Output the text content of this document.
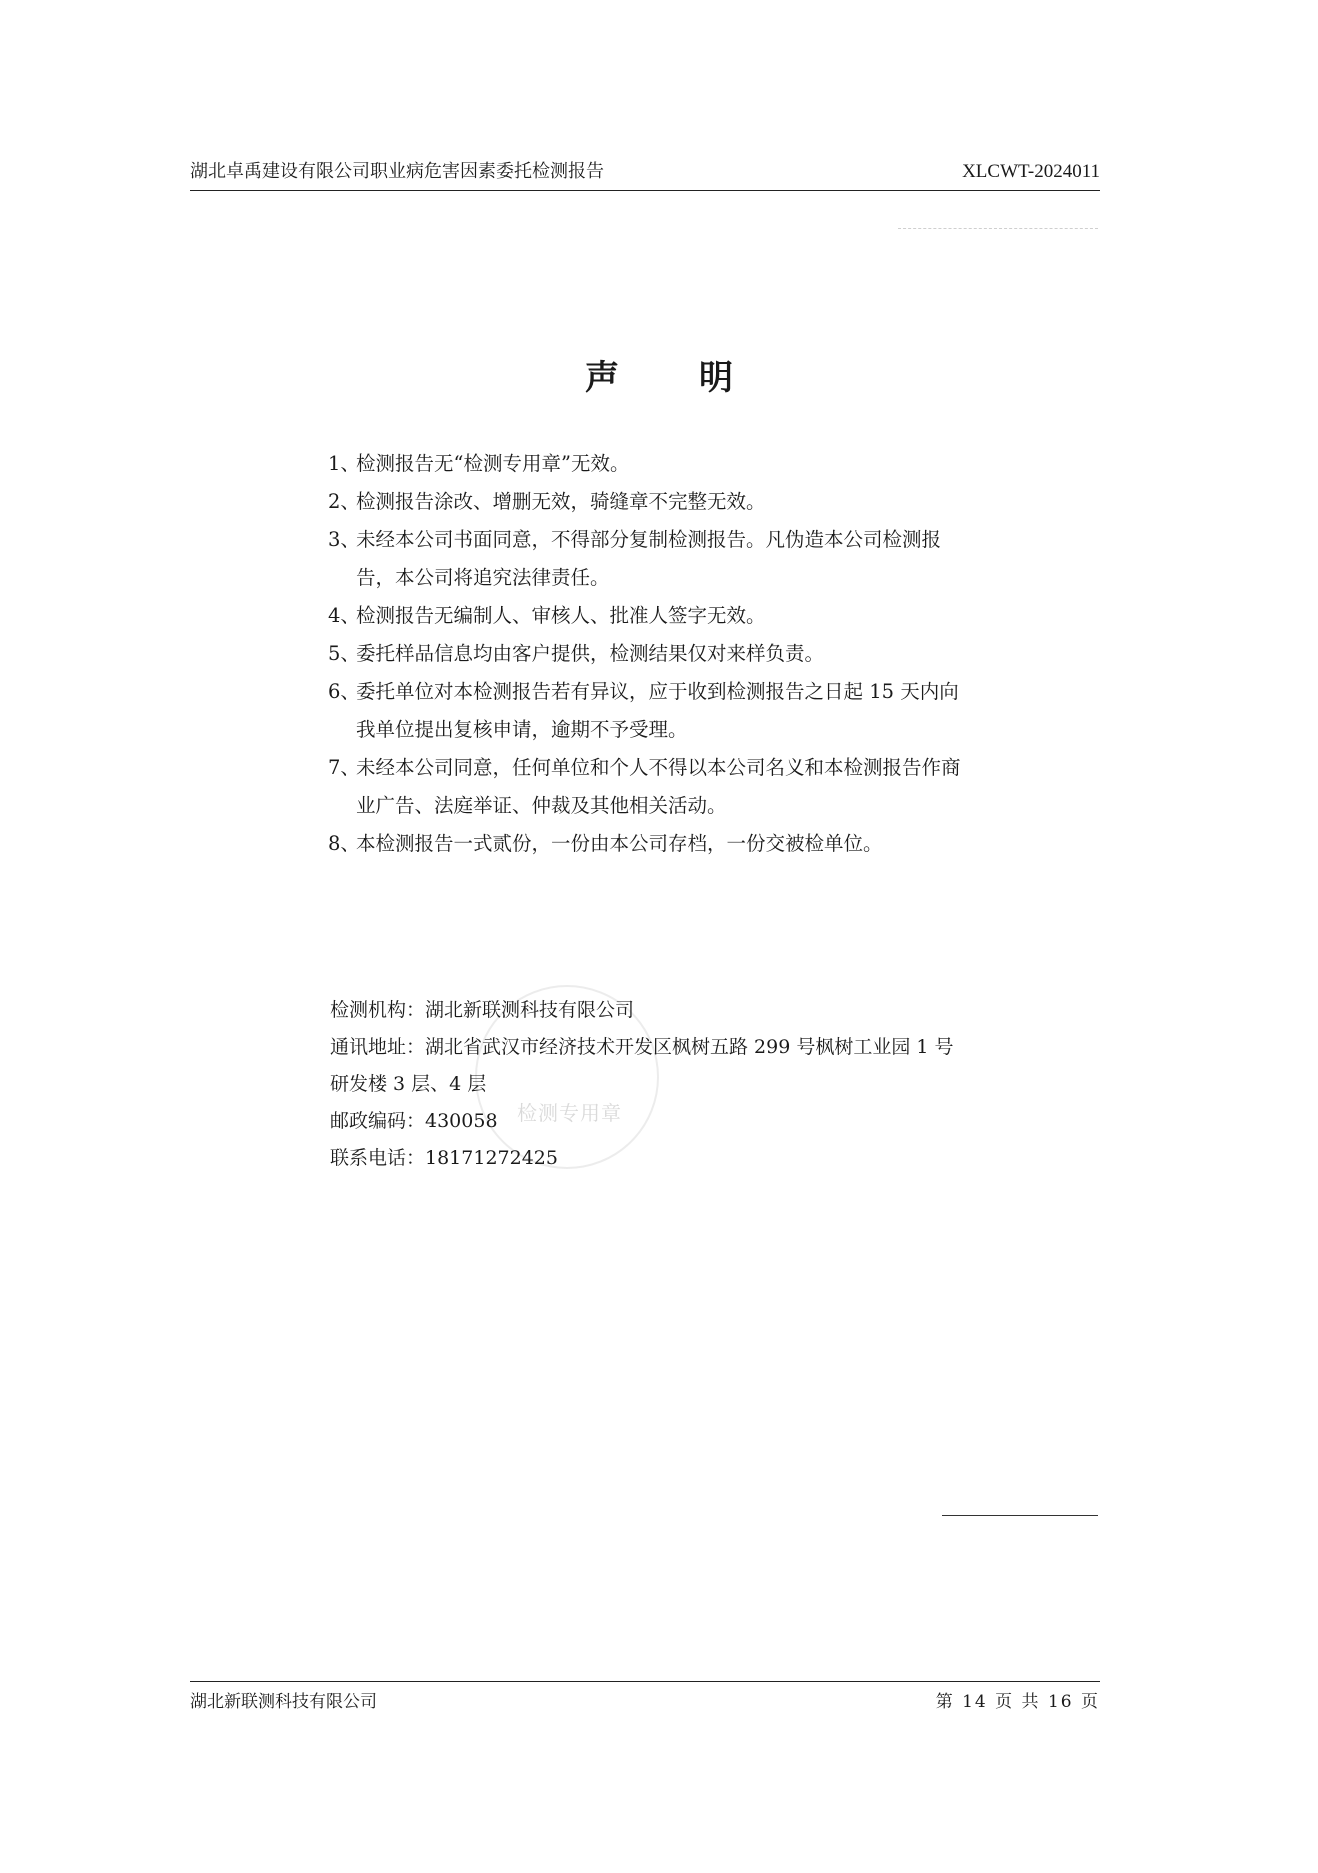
湖北卓禹建设有限公司职业病危害因素委托检测报告	XLCWT-2024011
声明
1、
检测报告无“检测专用章”无效。
2、
检测报告涂改、增删无效，骑缝章不完整无效。
3、
未经本公司书面同意，不得部分复制检测报告。凡伪造本公司检测报告，本公司将追究法律责任。
4、
检测报告无编制人、审核人、批准人签字无效。
5、
委托样品信息均由客户提供，检测结果仅对来样负责。
6、
委托单位对本检测报告若有异议，应于收到检测报告之日起 15 天内向我单位提出复核申请，逾期不予受理。
7、
未经本公司同意，任何单位和个人不得以本公司名义和本检测报告作商业广告、法庭举证、仲裁及其他相关活动。
8、
本检测报告一式贰份，一份由本公司存档，一份交被检单位。
检测专用章
检测机构：湖北新联测科技有限公司
通讯地址：湖北省武汉市经济技术开发区枫树五路 299 号枫树工业园 1 号研发楼 3 层、4 层
邮政编码：430058
联系电话：18171272425
湖北新联测科技有限公司	第 14 页 共 16 页
